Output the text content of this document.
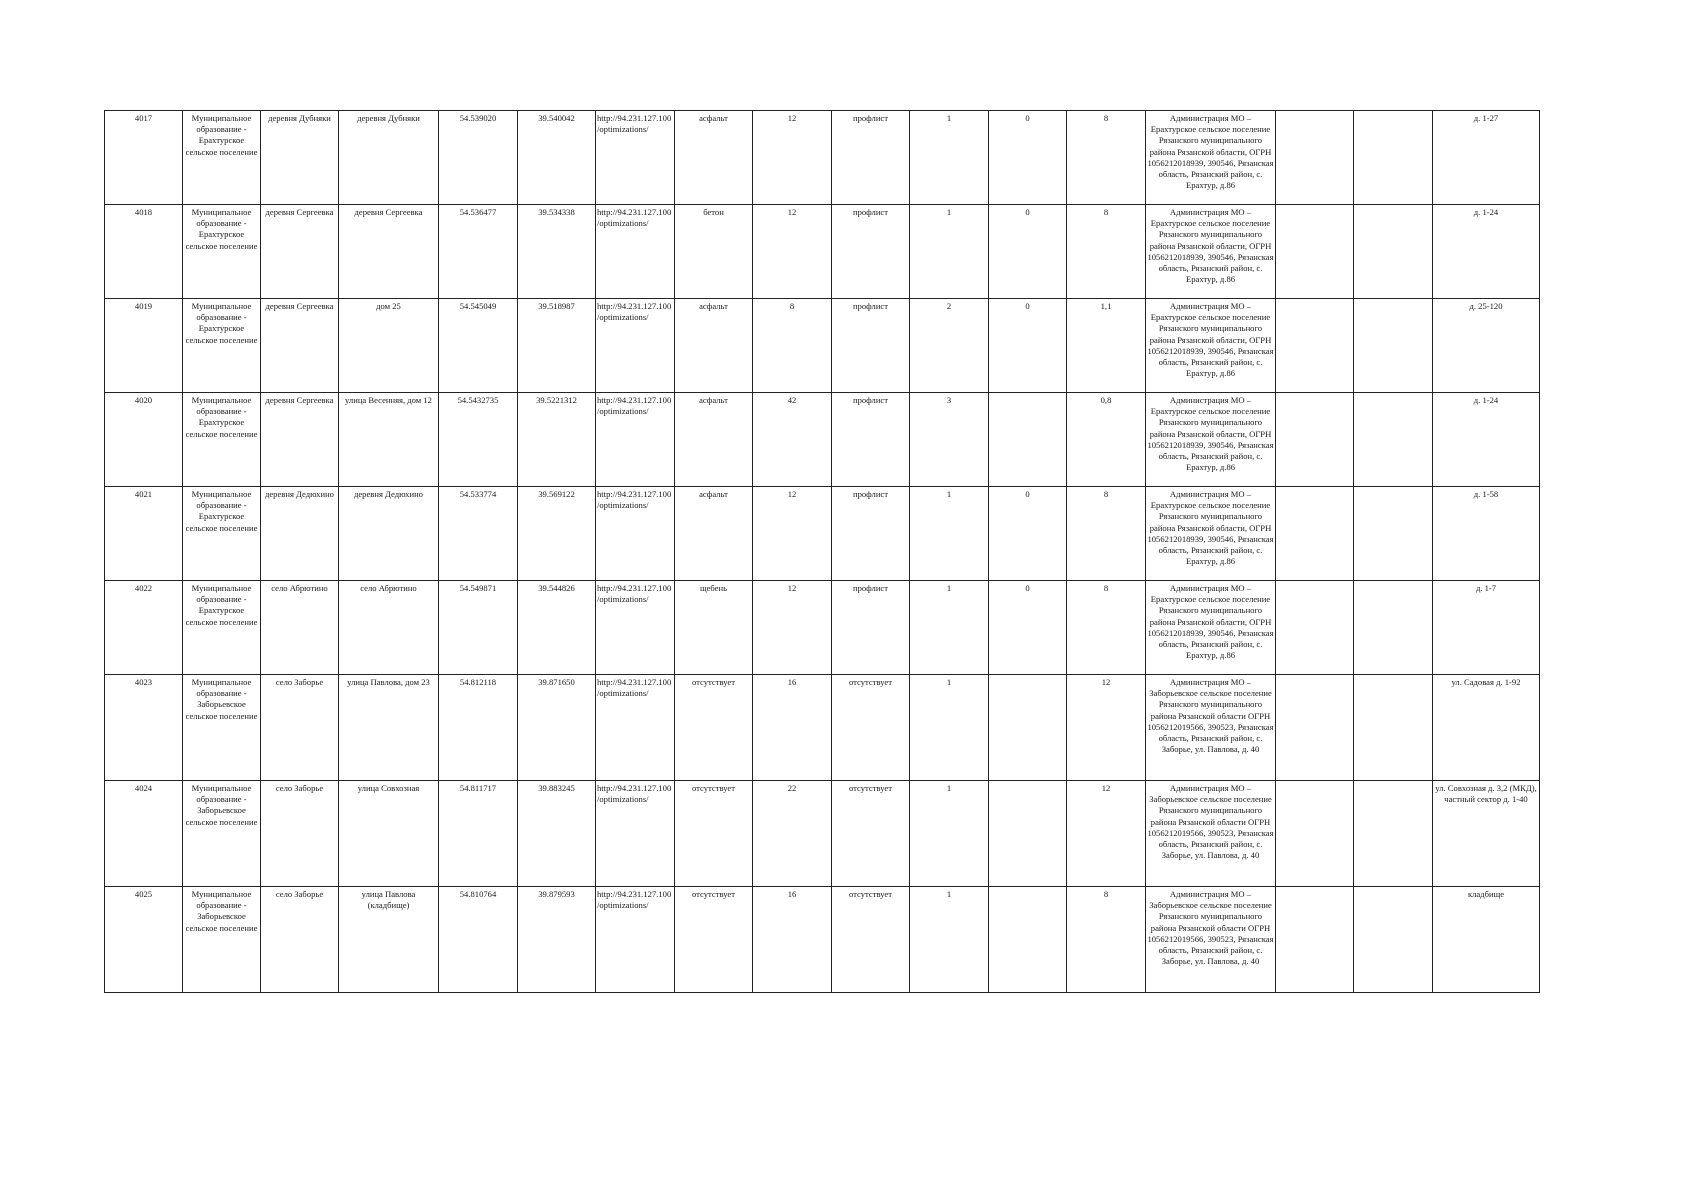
4017	Муниципальное образование - Ерахтурское сельское поселение	деревня Дубняки	деревня Дубняки	54.539020	39.540042	http://94.231.127.100/optimizations/	асфальт	12	профлист	1	0	8	Администрация МО – Ерахтурское сельское поселение Рязанского муниципального района Рязанской области, ОГРН 1056212018939, 390546, Рязанская область, Рязанский район, с. Ерахтур, д.86			д. 1-27
4018	Муниципальное образование - Ерахтурское сельское поселение	деревня Сергеевка	деревня Сергеевка	54.536477	39.534338	http://94.231.127.100/optimizations/	бетон	12	профлист	1	0	8	Администрация МО – Ерахтурское сельское поселение Рязанского муниципального района Рязанской области, ОГРН 1056212018939, 390546, Рязанская область, Рязанский район, с. Ерахтур, д.86			д. 1-24
4019	Муниципальное образование - Ерахтурское сельское поселение	деревня Сергеевка	дом 25	54.545049	39.518987	http://94.231.127.100/optimizations/	асфальт	8	профлист	2	0	1,1	Администрация МО – Ерахтурское сельское поселение Рязанского муниципального района Рязанской области, ОГРН 1056212018939, 390546, Рязанская область, Рязанский район, с. Ерахтур, д.86			д. 25-120
4020	Муниципальное образование - Ерахтурское сельское поселение	деревня Сергеевка	улица Весенняя, дом 12	54.5432735	39.5221312	http://94.231.127.100/optimizations/	асфальт	42	профлист	3		0,8	Администрация МО – Ерахтурское сельское поселение Рязанского муниципального района Рязанской области, ОГРН 1056212018939, 390546, Рязанская область, Рязанский район, с. Ерахтур, д.86			д. 1-24
4021	Муниципальное образование - Ерахтурское сельское поселение	деревня Дедюхино	деревня Дедюхино	54.533774	39.569122	http://94.231.127.100/optimizations/	асфальт	12	профлист	1	0	8	Администрация МО – Ерахтурское сельское поселение Рязанского муниципального района Рязанской области, ОГРН 1056212018939, 390546, Рязанская область, Рязанский район, с. Ерахтур, д.86			д. 1-58
4022	Муниципальное образование - Ерахтурское сельское поселение	село Абрютино	село Абрютино	54.549871	39.544826	http://94.231.127.100/optimizations/	щебень	12	профлист	1	0	8	Администрация МО – Ерахтурское сельское поселение Рязанского муниципального района Рязанской области, ОГРН 1056212018939, 390546, Рязанская область, Рязанский район, с. Ерахтур, д.86			д. 1-7
4023	Муниципальное образование - Заборьевское сельское поселение	село Заборье	улица Павлова, дом 23	54.812118	39.871650	http://94.231.127.100/optimizations/	отсутствует	16	отсутствует	1		12	Администрация МО – Заборьевское сельское поселение Рязанского муниципального района Рязанской области ОГРН 1056212019566, 390523, Рязанская область, Рязанский район, с. Заборье, ул. Павлова, д. 40			ул. Садовая д. 1-92
4024	Муниципальное образование - Заборьевское сельское поселение	село Заборье	улица Совхозная	54.811717	39.883245	http://94.231.127.100/optimizations/	отсутствует	22	отсутствует	1		12	Администрация МО – Заборьевское сельское поселение Рязанского муниципального района Рязанской области ОГРН 1056212019566, 390523, Рязанская область, Рязанский район, с. Заборье, ул. Павлова, д. 40			ул. Совхозная д. 3,2 (МКД), частный сектор д. 1-40
4025	Муниципальное образование - Заборьевское сельское поселение	село Заборье	улица Павлова (кладбище)	54.810764	39.879593	http://94.231.127.100/optimizations/	отсутствует	16	отсутствует	1		8	Администрация МО – Заборьевское сельское поселение Рязанского муниципального района Рязанской области ОГРН 1056212019566, 390523, Рязанская область, Рязанский район, с. Заборье, ул. Павлова, д. 40			кладбище
